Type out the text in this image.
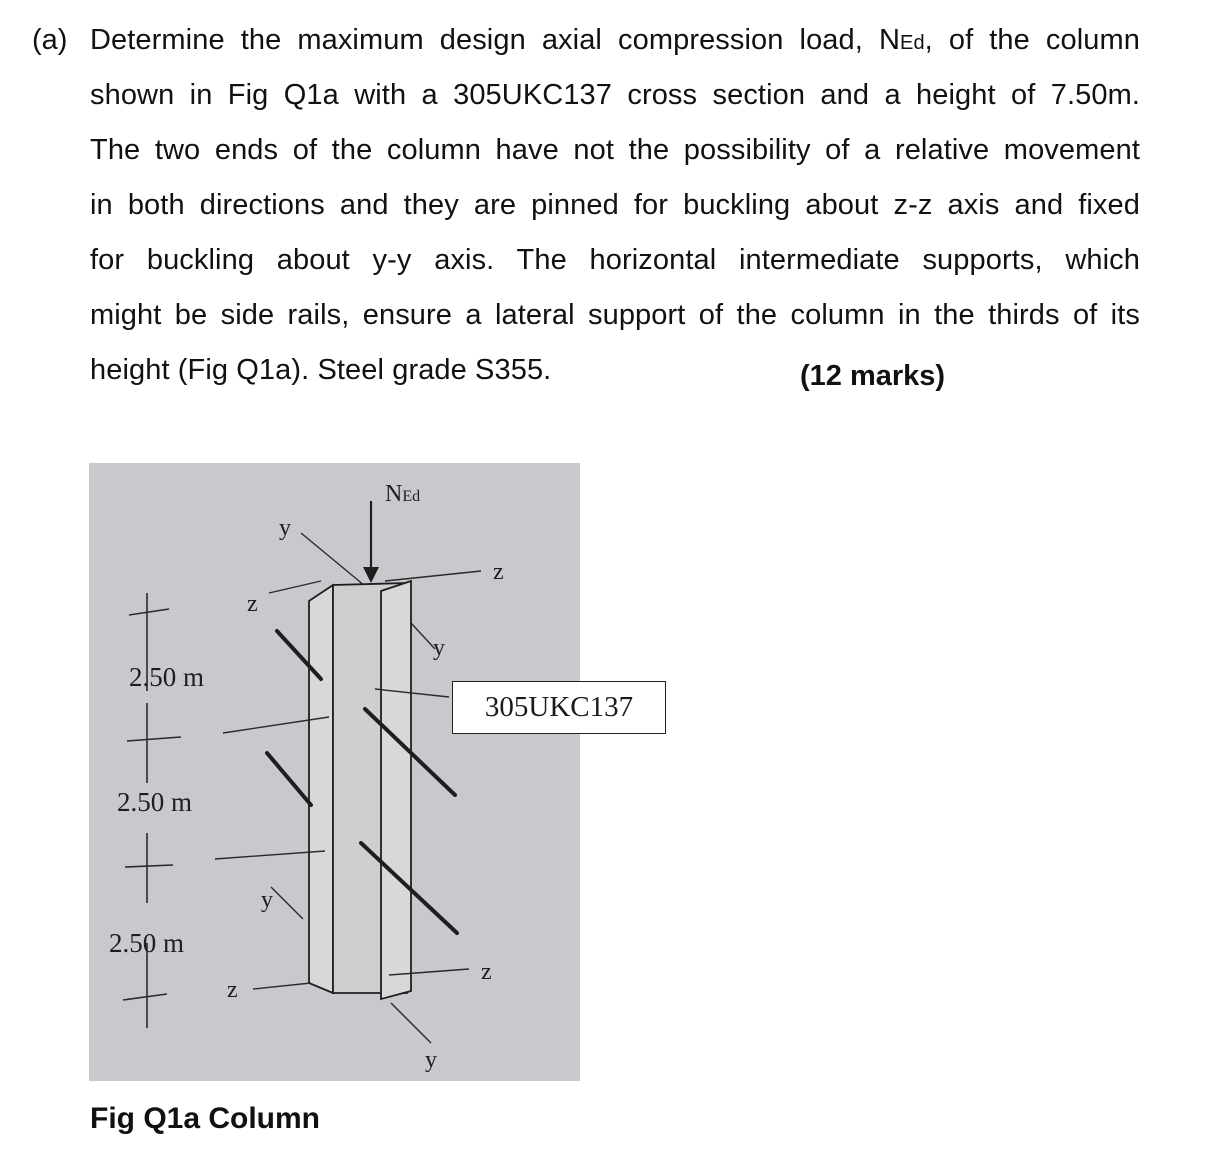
(a) Determine the maximum design axial compression load, NEd, of the column
shown in Fig Q1a with a 305UKC137 cross section and a height of 7.50m.
The two ends of the column have not the possibility of a relative movement
in both directions and they are pinned for buckling about z-z axis and fixed
for buckling about y-y axis. The horizontal intermediate supports, which
might be side rails, ensure a lateral support of the column in the thirds of its
height (Fig Q1a). Steel grade S355.	(12 marks)
2.50 m
2.50 m
2.50 m
NEd
y
z
y
z
y
z
z
y
305UKC137
Fig Q1a Column
